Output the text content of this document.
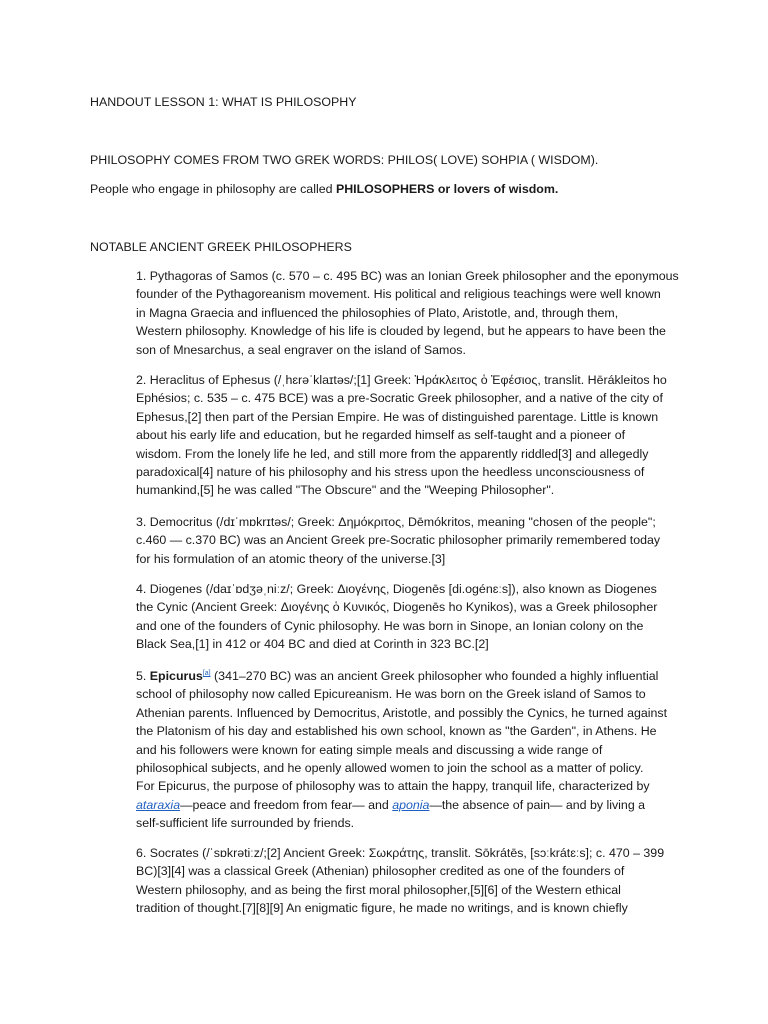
HANDOUT LESSON 1: WHAT IS PHILOSOPHY
PHILOSOPHY COMES FROM TWO GREK WORDS: PHILOS( LOVE) SOHPIA ( WISDOM).
People who engage in philosophy are called PHILOSOPHERS or lovers of wisdom.
NOTABLE ANCIENT GREEK PHILOSOPHERS

1. Pythagoras of Samos (c. 570 – c. 495 BC) was an Ionian Greek philosopher and the eponymous

founder of the Pythagoreanism movement. His political and religious teachings were well known

in Magna Graecia and influenced the philosophies of Plato, Aristotle, and, through them,

Western philosophy. Knowledge of his life is clouded by legend, but he appears to have been the

son of Mnesarchus, a seal engraver on the island of Samos.

2. Heraclitus of Ephesus (/ˌhɛrəˈklaɪtəs/;[1] Greek: Ἡράκλειτος ὁ Ἐφέσιος, translit. Hērákleitos ho

Ephésios; c. 535 – c. 475 BCE) was a pre-Socratic Greek philosopher, and a native of the city of

Ephesus,[2] then part of the Persian Empire. He was of distinguished parentage. Little is known

about his early life and education, but he regarded himself as self-taught and a pioneer of

wisdom. From the lonely life he led, and still more from the apparently riddled[3] and allegedly

paradoxical[4] nature of his philosophy and his stress upon the heedless unconsciousness of

humankind,[5] he was called "The Obscure" and the "Weeping Philosopher".

3. Democritus (/dɪˈmɒkrɪtəs/; Greek: Δημόκριτος, Dēmókritos, meaning "chosen of the people";

c.460 — c.370 BC) was an Ancient Greek pre-Socratic philosopher primarily remembered today

for his formulation of an atomic theory of the universe.[3]

4. Diogenes (/daɪˈɒdʒəˌniːz/; Greek: Διογένης, Diogenēs [di.ogénɛːs]), also known as Diogenes

the Cynic (Ancient Greek: Διογένης ὁ Κυνικός, Diogenēs ho Kynikos), was a Greek philosopher

and one of the founders of Cynic philosophy. He was born in Sinope, an Ionian colony on the

Black Sea,[1] in 412 or 404 BC and died at Corinth in 323 BC.[2]

5. Epicurus[a] (341–270 BC) was an ancient Greek philosopher who founded a highly influential

school of philosophy now called Epicureanism. He was born on the Greek island of Samos to

Athenian parents. Influenced by Democritus, Aristotle, and possibly the Cynics, he turned against

the Platonism of his day and established his own school, known as "the Garden", in Athens. He

and his followers were known for eating simple meals and discussing a wide range of

philosophical subjects, and he openly allowed women to join the school as a matter of policy.

For Epicurus, the purpose of philosophy was to attain the happy, tranquil life, characterized by

ataraxia—peace and freedom from fear— and aponia—the absence of pain— and by living a

self-sufficient life surrounded by friends.

6. Socrates (/ˈsɒkrətiːz/;[2] Ancient Greek: Σωκράτης, translit. Sōkrátēs, [sɔːkrátɛːs]; c. 470 – 399

BC)[3][4] was a classical Greek (Athenian) philosopher credited as one of the founders of

Western philosophy, and as being the first moral philosopher,[5][6] of the Western ethical

tradition of thought.[7][8][9] An enigmatic figure, he made no writings, and is known chiefly
